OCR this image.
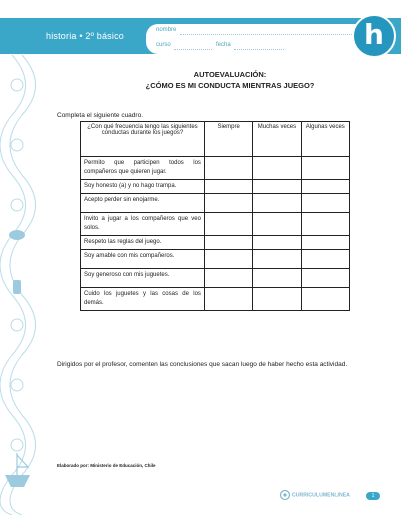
historia • 2º básico
nombre
curso	fecha	h
AUTOEVALUACIÓN:
¿CÓMO ES MI CONDUCTA MIENTRAS JUEGO?
Completa el siguiente cuadro.
¿Con qué frecuencia tengo las siguientes conductas durante los juegos?	Siempre	Muchas veces	Algunas veces
Permito que participen todos los compañeros que quieren jugar.			
Soy honesto (a) y no hago trampa.			
Acepto perder sin enojarme.			
Invito a jugar a los compañeros que veo solos.			
Respeto las reglas del juego.			
Soy amable con mis compañeros.			
Soy generoso con mis juguetes.			
Cuido los juguetes y las cosas de los demás.			
Dirigidos por el profesor, comenten las conclusiones que sacan luego de haber hecho esta actividad.
Elaborado por: Ministerio de Educación, Chile
CURRICULUMENLINEA	1
